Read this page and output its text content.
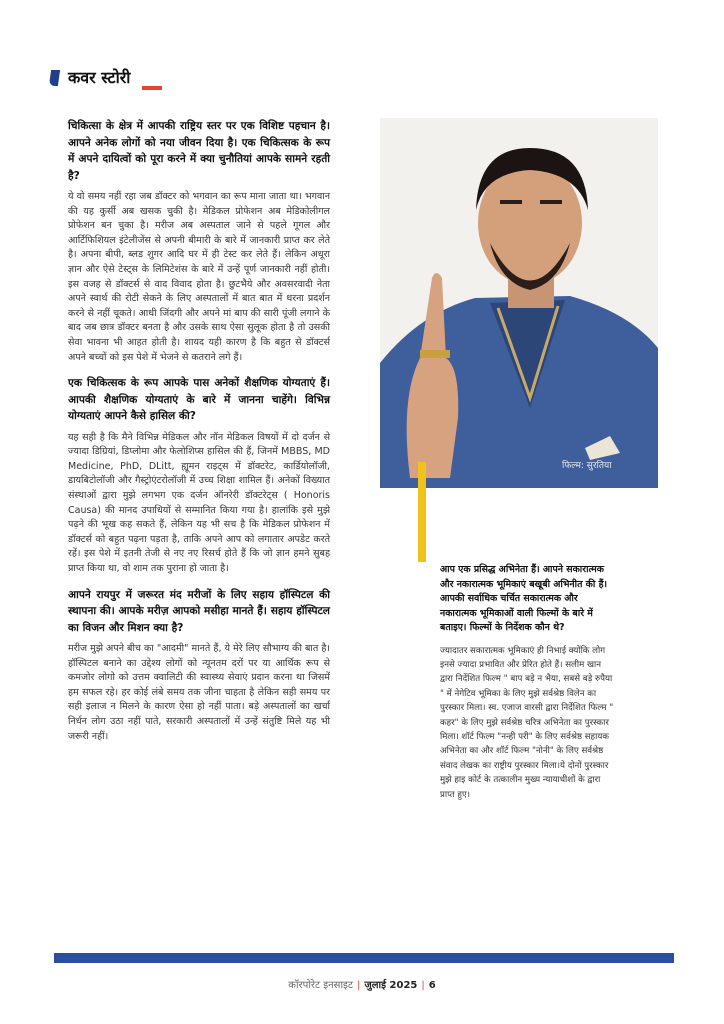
कवर स्टोरी

चिकित्सा के क्षेत्र में आपकी राष्ट्रिय स्तर पर एक विशिष्ट पहचान है। आपने अनेक लोगों को नया जीवन दिया है। एक चिकित्सक के रूप में अपने दायित्वों को पूरा करने में क्या चुनौतियां आपके सामने रहती है?

ये वो समय नहीं रहा जब डॉक्टर को भगवान का रूप माना जाता था। भगवान की यह कुर्सी अब खसक चुकी है। मेडिकल प्रोफेशन अब मेडिकोलीगल प्रोफेशन बन चुका है। मरीज अब अस्पताल जाने से पहले गूगल और आर्टिफिशियल इंटेलीजेंस से अपनी बीमारी के बारे में जानकारी प्राप्त कर लेते है। अपना बीपी, ब्लड शुगर आदि घर में ही टेस्ट कर लेते हैं। लेकिन अधूरा ज्ञान और ऐसे टेस्ट्स के लिमिटेशंस के बारे में उन्हें पूर्ण जानकारी नहीं होती। इस वजह से डॉक्टर्स से वाद विवाद होता है। छुटभैये और अवसरवादी नेता अपने स्वार्थ की रोटी सेकने के लिए अस्पतालों में बात बात में धरना प्रदर्शन करने से नहीं चूकते। आधी जिंदगी और अपने मां बाप की सारी पूंजी लगाने के बाद जब छात्र डॉक्टर बनता है और उसके साथ ऐसा सुलूक होता है तो उसकी सेवा भावना भी आहत होती है। शायद यही कारण है कि बहुत से डॉक्टर्स अपने बच्चों को इस पेशे में भेजने से कतराने लगे हैं।

एक चिकित्सक के रूप आपके पास अनेकों शैक्षणिक योग्यताएं हैं। आपकी शैक्षणिक योग्यताएं के बारे में जानना चाहेंगे। विभिन्न योग्यताएं आपने कैसे हासिल की?

यह सही है कि मैने विभिन्न मेडिकल और नॉन मेडिकल विषयों में दो दर्जन से ज्यादा डिग्रियां, डिप्लोमा और फेलोशिप्स हासिल की हैं, जिनमें MBBS, MD Medicine, PhD, DLitt, ह्यूमन राइट्स में डॉक्टरेट, कार्डियोलॉजी, डायबिटोलॉजी और गैस्ट्रोएंटरोलॉजी में उच्च शिक्षा शामिल हैं। अनेकों विख्यात संस्थाओं द्वारा मुझे लगभग एक दर्जन ऑनरेरी डॉक्टरेट्स ( Honoris Causa) की मानद उपाधियों से सम्मानित किया गया है। हालांकि इसे मुझे पढ़ने की भूख कह सकते हैं, लेकिन यह भी सच है कि मेडिकल प्रोफेशन में डॉक्टर्स को बहुत पढ़ना पड़ता है, ताकि अपने आप को लगातार अपडेट करते रहें। इस पेशे में इतनी तेजी से नए नए रिसर्च होते हैं कि जो ज्ञान हमने सुबह प्राप्त किया था, वो शाम तक पुराना हो जाता है।

आपने रायपुर में जरूरत मंद मरीजों के लिए सहाय हॉस्पिटल की स्थापना की। आपके मरीज़ आपको मसीहा मानते हैं। सहाय हॉस्पिटल का विजन और मिशन क्या है?

मरीज मुझे अपने बीच का "आदमी" मानते हैं, ये मेरे लिए सौभाग्य की बात है। हॉस्पिटल बनाने का उद्देश्य लोगों को न्यूनतम दरों पर या आर्थिक रूप से कमजोर लोगो को उत्तम क्वालिटी की स्वास्थ्य सेवाएं प्रदान करना था जिसमें हम सफल रहे। हर कोई लंबे समय तक जीना चाहता है लेकिन सही समय पर सही इलाज न मिलने के कारण ऐसा हो नहीं पाता। बड़े अस्पतालों का खर्चा निर्धन लोग उठा नहीं पाते, सरकारी अस्पतालों में उन्हें संतुष्टि मिले यह भी जरूरी नहीं।

फिल्म: सुरतिया

आप एक प्रसिद्ध अभिनेता हैं। आपने सकारात्मक और नकारात्मक भूमिकाएं बखूबी अभिनीत की हैं।आपकी सर्वाधिक चर्चित सकारात्मक और नकारात्मक भूमिकाओं वाली फिल्मों के बारे में बताइए। फिल्मों के निर्देशक कौन थे?

ज्यादातर सकारात्मक भूमिकाएं ही निभाई क्योंकि लोग इनसे ज्यादा प्रभावित और प्रेरित होते हैं। सलीम खान द्वारा निर्देशित फिल्म " बाप बड़े न भैया, सबसे बड़े रुपैया " में नेगेटिव भूमिका के लिए मुझे सर्वश्रेष्ठ विलेन का पुरस्कार मिला। स्व. एजाज वारसी द्वारा निर्देशित फिल्म " कहर" के लिए मुझे सर्वश्रेष्ठ चरित्र अभिनेता का पुरस्कार मिला। शॉर्ट फिल्म "नन्ही परी" के लिए सर्वश्रेष्ठ सहायक अभिनेता का और शॉर्ट फिल्म "नोनी" के लिए सर्वश्रेष्ठ संवाद लेखक का राष्ट्रीय पुरस्कार मिला।ये दोनों पुरस्कार मुझे हाइ कोर्ट के तत्कालीन मुख्य न्यायाधीशों के द्वारा प्राप्त हुए।

कॉरपोरेट इनसाइट | जुलाई 2025 | 6
